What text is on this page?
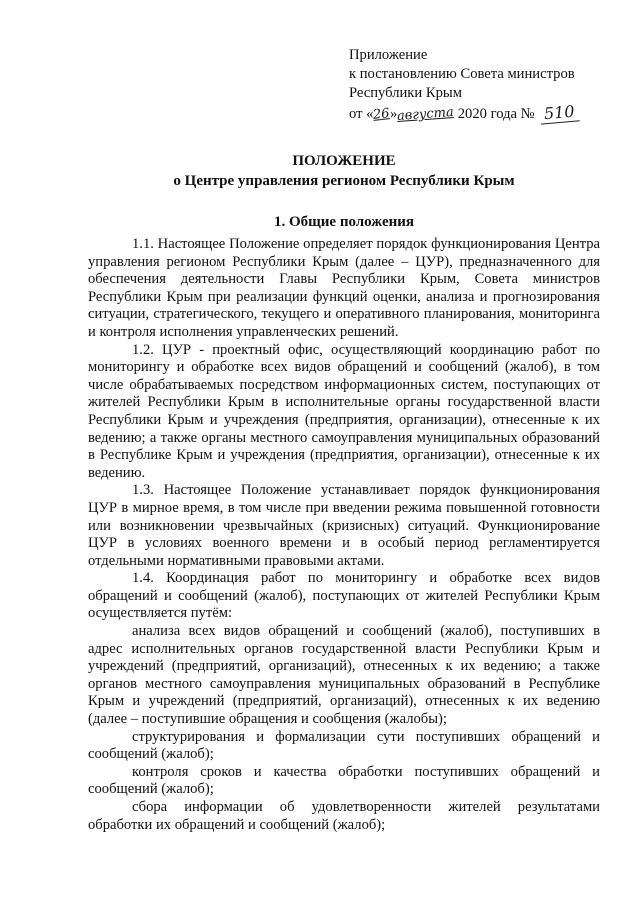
Приложение
к постановлению Совета министров
Республики Крым
от «26»августа 2020 года № 510
ПОЛОЖЕНИЕ
о Центре управления регионом Республики Крым
1. Общие положения

1.1. Настоящее Положение определяет порядок функционирования Центра управления регионом Республики Крым (далее – ЦУР), предназначенного для обеспечения деятельности Главы Республики Крым, Совета министров Республики Крым при реализации функций оценки, анализа и прогнозирования ситуации, стратегического, текущего и оперативного планирования, мониторинга и контроля исполнения управленческих решений.

1.2. ЦУР - проектный офис, осуществляющий координацию работ по мониторингу и обработке всех видов обращений и сообщений (жалоб), в том числе обрабатываемых посредством информационных систем, поступающих от жителей Республики Крым в исполнительные органы государственной власти Республики Крым и учреждения (предприятия, организации), отнесенные к их ведению; а также органы местного самоуправления муниципальных образований в Республике Крым и учреждения (предприятия, организации), отнесенные к их ведению.

1.3. Настоящее Положение устанавливает порядок функционирования ЦУР в мирное время, в том числе при введении режима повышенной готовности или возникновении чрезвычайных (кризисных) ситуаций. Функционирование ЦУР в условиях военного времени и в особый период регламентируется отдельными нормативными правовыми актами.

1.4. Координация работ по мониторингу и обработке всех видов обращений и сообщений (жалоб), поступающих от жителей Республики Крым осуществляется путём:

анализа всех видов обращений и сообщений (жалоб), поступивших в адрес исполнительных органов государственной власти Республики Крым и учреждений (предприятий, организаций), отнесенных к их ведению; а также органов местного самоуправления муниципальных образований в Республике Крым и учреждений (предприятий, организаций), отнесенных к их ведению (далее – поступившие обращения и сообщения (жалобы);

структурирования и формализации сути поступивших обращений и сообщений (жалоб);

контроля сроков и качества обработки поступивших обращений и сообщений (жалоб);

сбора информации об удовлетворенности жителей результатами обработки их обращений и сообщений (жалоб);
